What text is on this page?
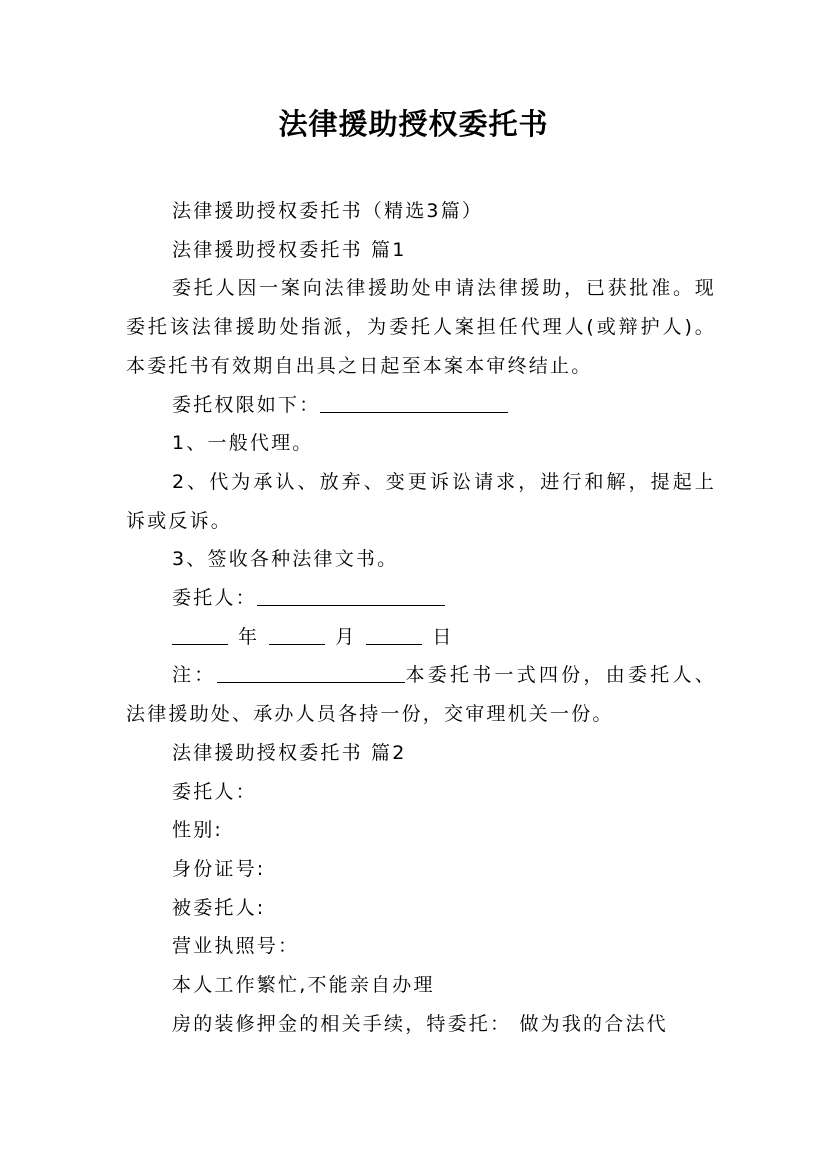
法律援助授权委托书

法律援助授权委托书（精选3篇）

法律援助授权委托书 篇1

委托人因一案向法律援助处申请法律援助，已获批准。现委托该法律援助处指派，为委托人案担任代理人(或辩护人)。本委托书有效期自出具之日起至本案本审终结止。

委托权限如下：

1、一般代理。

2、代为承认、放弃、变更诉讼请求，进行和解，提起上诉或反诉。

3、签收各种法律文书。

委托人：

年	月	日

注：	本委托书一式四份，由委托人、法律援助处、承办人员各持一份，交审理机关一份。

法律援助授权委托书 篇2

委托人：

性别:

身份证号:

被委托人:

营业执照号：

本人工作繁忙,不能亲自办理

房的装修押金的相关手续，特委托： 做为我的合法代
